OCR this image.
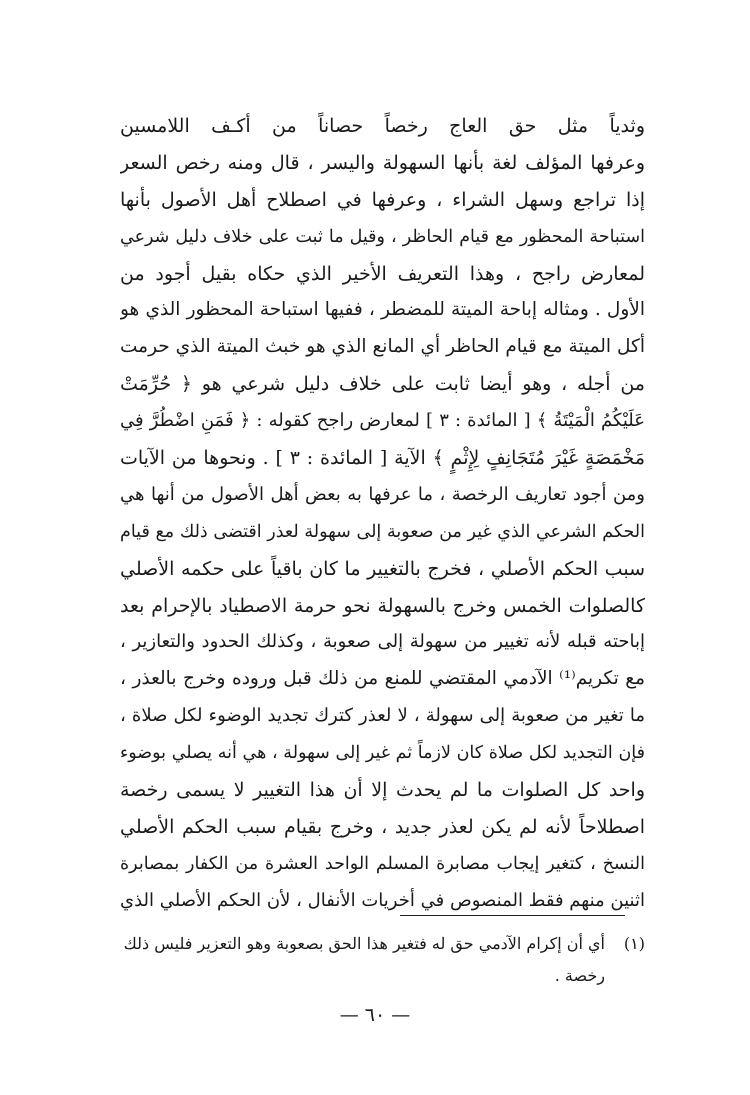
وثدياً مثل حق العاج رخصاً حصاناً من أكـف اللامسين
وعرفها المؤلف لغة بأنها السهولة واليسر ، قال ومنه رخص السعر
إذا تراجع وسهل الشراء ، وعرفها في اصطلاح أهل الأصول بأنها
استباحة المحظور مع قيام الحاظر ، وقيل ما ثبت على خلاف دليل شرعي
لمعارض راجح ، وهذا التعريف الأخير الذي حكاه بقيل أجود من
الأول . ومثاله إباحة الميتة للمضطر ، ففيها استباحة المحظور الذي هو
أكل الميتة مع قيام الحاظر أي المانع الذي هو خبث الميتة الذي حرمت
من أجله ، وهو أيضا ثابت على خلاف دليل شرعي هو ﴿ حُرِّمَتْ
عَلَيْكُمُ الْمَيْتَةُ ﴾ [ المائدة : ٣ ] لمعارض راجح كقوله : ﴿ فَمَنِ اضْطُرَّ فِي
مَخْمَصَةٍ غَيْرَ مُتَجَانِفٍ لِإِثْمٍ ﴾ الآية [ المائدة : ٣ ] . ونحوها من الآيات
ومن أجود تعاريف الرخصة ، ما عرفها به بعض أهل الأصول من أنها هي
الحكم الشرعي الذي غير من صعوبة إلى سهولة لعذر اقتضى ذلك مع قيام
سبب الحكم الأصلي ، فخرج بالتغيير ما كان باقياً على حكمه الأصلي
كالصلوات الخمس وخرج بالسهولة نحو حرمة الاصطياد بالإحرام بعد
إباحته قبله لأنه تغيير من سهولة إلى صعوبة ، وكذلك الحدود والتعازير ،
مع تكريم⁽¹⁾ الآدمي المقتضي للمنع من ذلك قبل وروده وخرج بالعذر ،
ما تغير من صعوبة إلى سهولة ، لا لعذر كترك تجديد الوضوء لكل صلاة ،
فإن التجديد لكل صلاة كان لازماً ثم غير إلى سهولة ، هي أنه يصلي بوضوء
واحد كل الصلوات ما لم يحدث إلا أن هذا التغيير لا يسمى رخصة
اصطلاحاً لأنه لم يكن لعذر جديد ، وخرج بقيام سبب الحكم الأصلي
النسخ ، كتغير إيجاب مصابرة المسلم الواحد العشرة من الكفار بمصابرة
اثنين منهم فقط المنصوص في أخريات الأنفال ، لأن الحكم الأصلي الذي
(١)أي أن إكرام الآدمي حق له فتغير هذا الحق بصعوبة وهو التعزير فليس ذلك
رخصة .
— ٦٠ —
